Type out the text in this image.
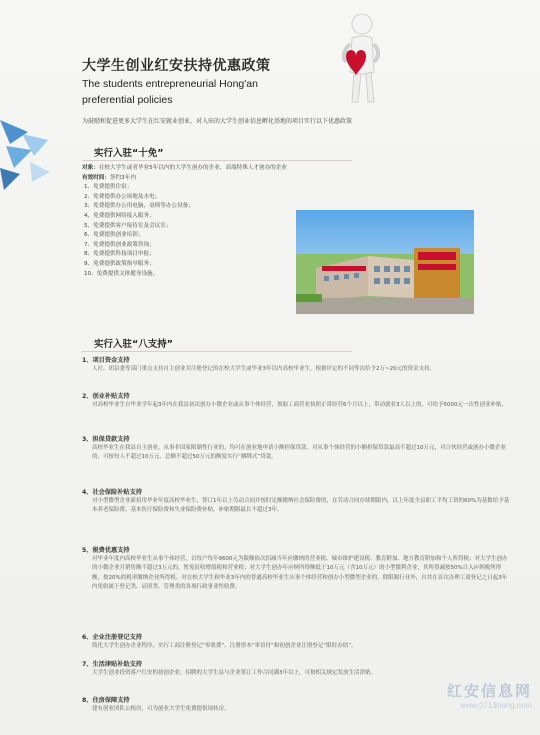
大学生创业红安扶持优惠政策
The students entrepreneurial Hong'an
preferential policies
为鼓励和促进更多大学生在红安就业创业，对入驻的大学生创业信息孵化基地的项目实行以下优惠政策
实行入驻“十免”
对象：在校大学生或者毕业5年以内的大学生创办的企业，高端特殊人才创办的企业
有效时间：签约3年内
1、免费提供住宿；
2、免费提供办公场地及水电；
3、免费提供办公用电脑、桌椅等办公设备；
4、免费提供网络接入服务；
5、免费提供客户接待室及会议室；
6、免费提供创业培训；
7、免费提供创业政策咨询；
8、免费提供科技项目申报；
9、免费提供政策指导服务；
10、免费提供文体健身设施。
实行入驻“八支持”
1、项目资金支持
人社、团县委等部门重点支持自主创业并注册登记的在校大学生或毕业3年以内高校毕业生，根据评定的不同等次给予2万~20元的资金支持。
2、创业补贴支持
对高校毕业生自毕业学年起3年内在我县初次创办小微企业或从事个体经营，领取工商营业执照正常经营6个月以上，带动就业3人以上的，可给予5000元一次性创业补贴。
3、担保贷款支持
高校毕业生在我县自主创业，从事非国家限制性行业的，均可在创业地申请小额担保贷款。对从事个体经营的小额担保贷款最高不超过10万元，对合伙经营或创办小微企业的，可按每人不超过10万元、总额不超过50万元的额度实行“捆绑式”贷款。
4、社会保险补贴支持
对小型微型企业新招用毕业年度高校毕业生，签订1年以上劳动合同并按时足额缴纳社会保险费的，在劳动合同存续期限内，以上年度全县职工平均工资的60%为基数给予基本养老保险费、基本医疗保险费和失业保险费补贴，补贴期限最长不超过3年。
5、税费优惠支持
对毕业年度内高校毕业生从事个体经营，以每户每年9600元为限额依次扣减当年应缴纳的营业税、城市维护建设税、教育附加、地方教育附加和个人所得税；对大学生创办的小微企业月销售额不超过3万元的，暂免征收增值税和营业税；对大学生创办年应纳所得额低于10万元（含10万元）的小型微利企业，其所得减按50%计入应纳税所得额，按20%的税率缴纳企业所得税。对在校大学生和毕业3年内的普通高校毕业生从事个体经营和创办小型微型企业的，除限制行业外，自其在首次办理工商登记之日起3年内免收属于登记类、证照类、管理类的各项行政事业性收费。
6、企业注册登记支持
简化大学生创办企业程序，实行工商注册登记“零收费”、注册资本“零首付”和初创企业注册登记“限时办结”。
7、生活津贴补助支持
大学生创业投资落户红安的初创企业，招聘的大学生县与企业签订工作合同满3年以上，可按相关规定发放生活津贴。
8、住房保障支持
建有创业团队公租房，可为创业大学生免费提供周转房。
红安信息网
www.0713hong.com
